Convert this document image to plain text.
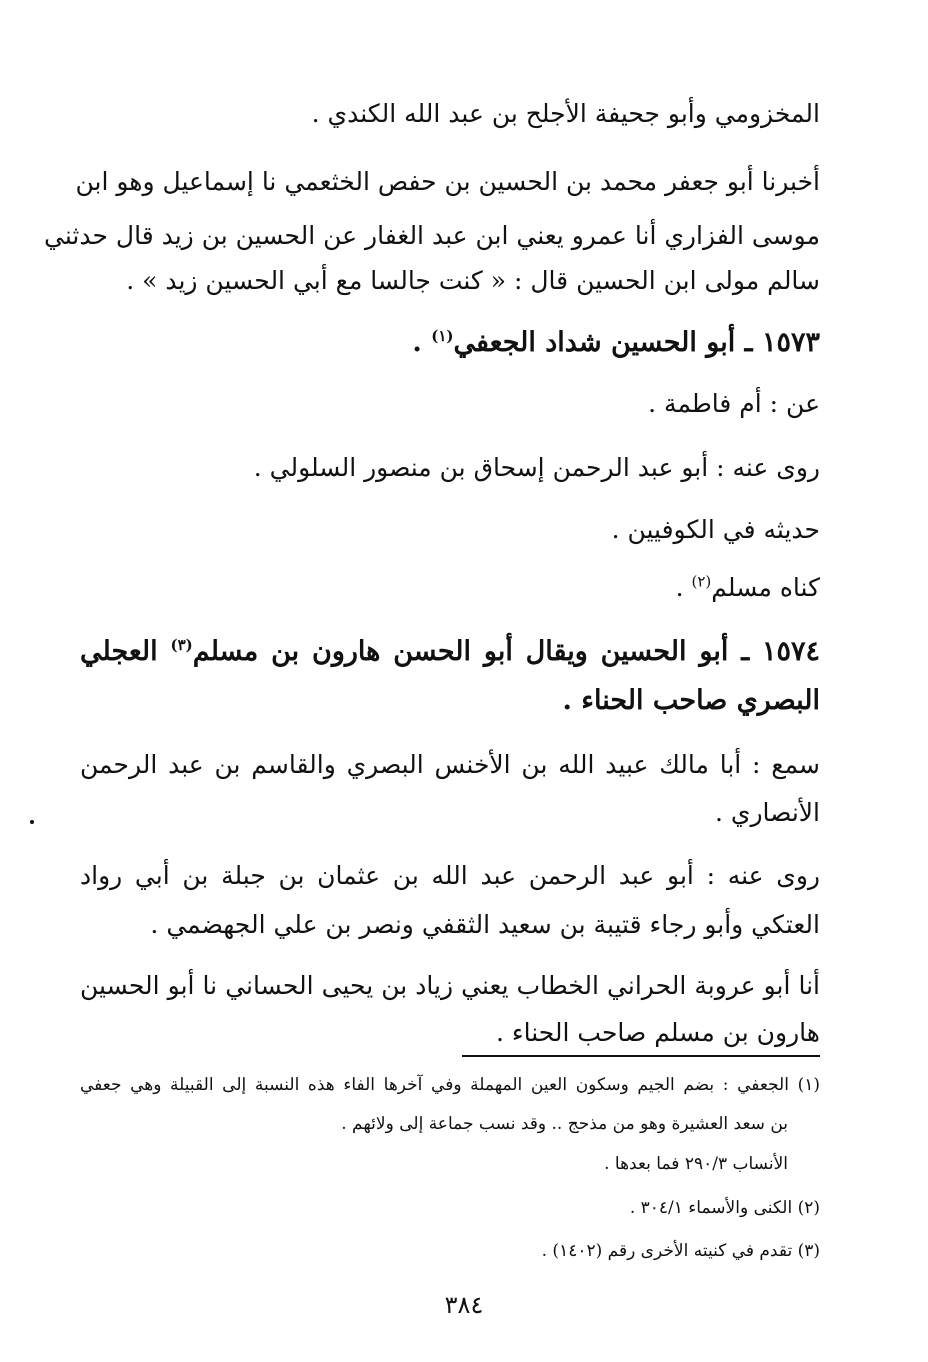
المخزومي وأبو جحيفة الأجلح بن عبد الله الكندي .
أخبرنا أبو جعفر محمد بن الحسين بن حفص الخثعمي نا إسماعيل وهو ابن
موسى الفزاري أنا عمرو يعني ابن عبد الغفار عن الحسين بن زيد قال حدثني
سالم مولى ابن الحسين قال : « كنت جالسا مع أبي الحسين زيد » .
١٥٧٣ ـ أبو الحسين شداد الجعفي$^{(١)}$ .
عن : أم فاطمة .
روى عنه : أبو عبد الرحمن إسحاق بن منصور السلولي .
حديثه في الكوفيين .
كناه مسلم$^{(٢)}$ .
١٥٧٤ ـ أبو الحسين ويقال أبو الحسن هارون بن مسلم$^{(٣)}$ العجلي
البصري صاحب الحناء .
سمع : أبا مالك عبيد الله بن الأخنس البصري والقاسم بن عبد الرحمن
الأنصاري .
روى عنه : أبو عبد الرحمن عبد الله بن عثمان بن جبلة بن أبي رواد
العتكي وأبو رجاء قتيبة بن سعيد الثقفي ونصر بن علي الجهضمي .
أنا أبو عروبة الحراني الخطاب يعني زياد بن يحيى الحساني نا أبو الحسين
هارون بن مسلم صاحب الحناء .
(١) الجعفي : بضم الجيم وسكون العين المهملة وفي آخرها الفاء هذه النسبة إلى القبيلة وهي جعفي
بن سعد العشيرة وهو من مذحج .. وقد نسب جماعة إلى ولائهم .
الأنساب ٢٩٠/٣ فما بعدها .
(٢) الكنى والأسماء ٣٠٤/١ .
(٣) تقدم في كنيته الأخرى رقم (١٤٠٢) .
٣٨٤
